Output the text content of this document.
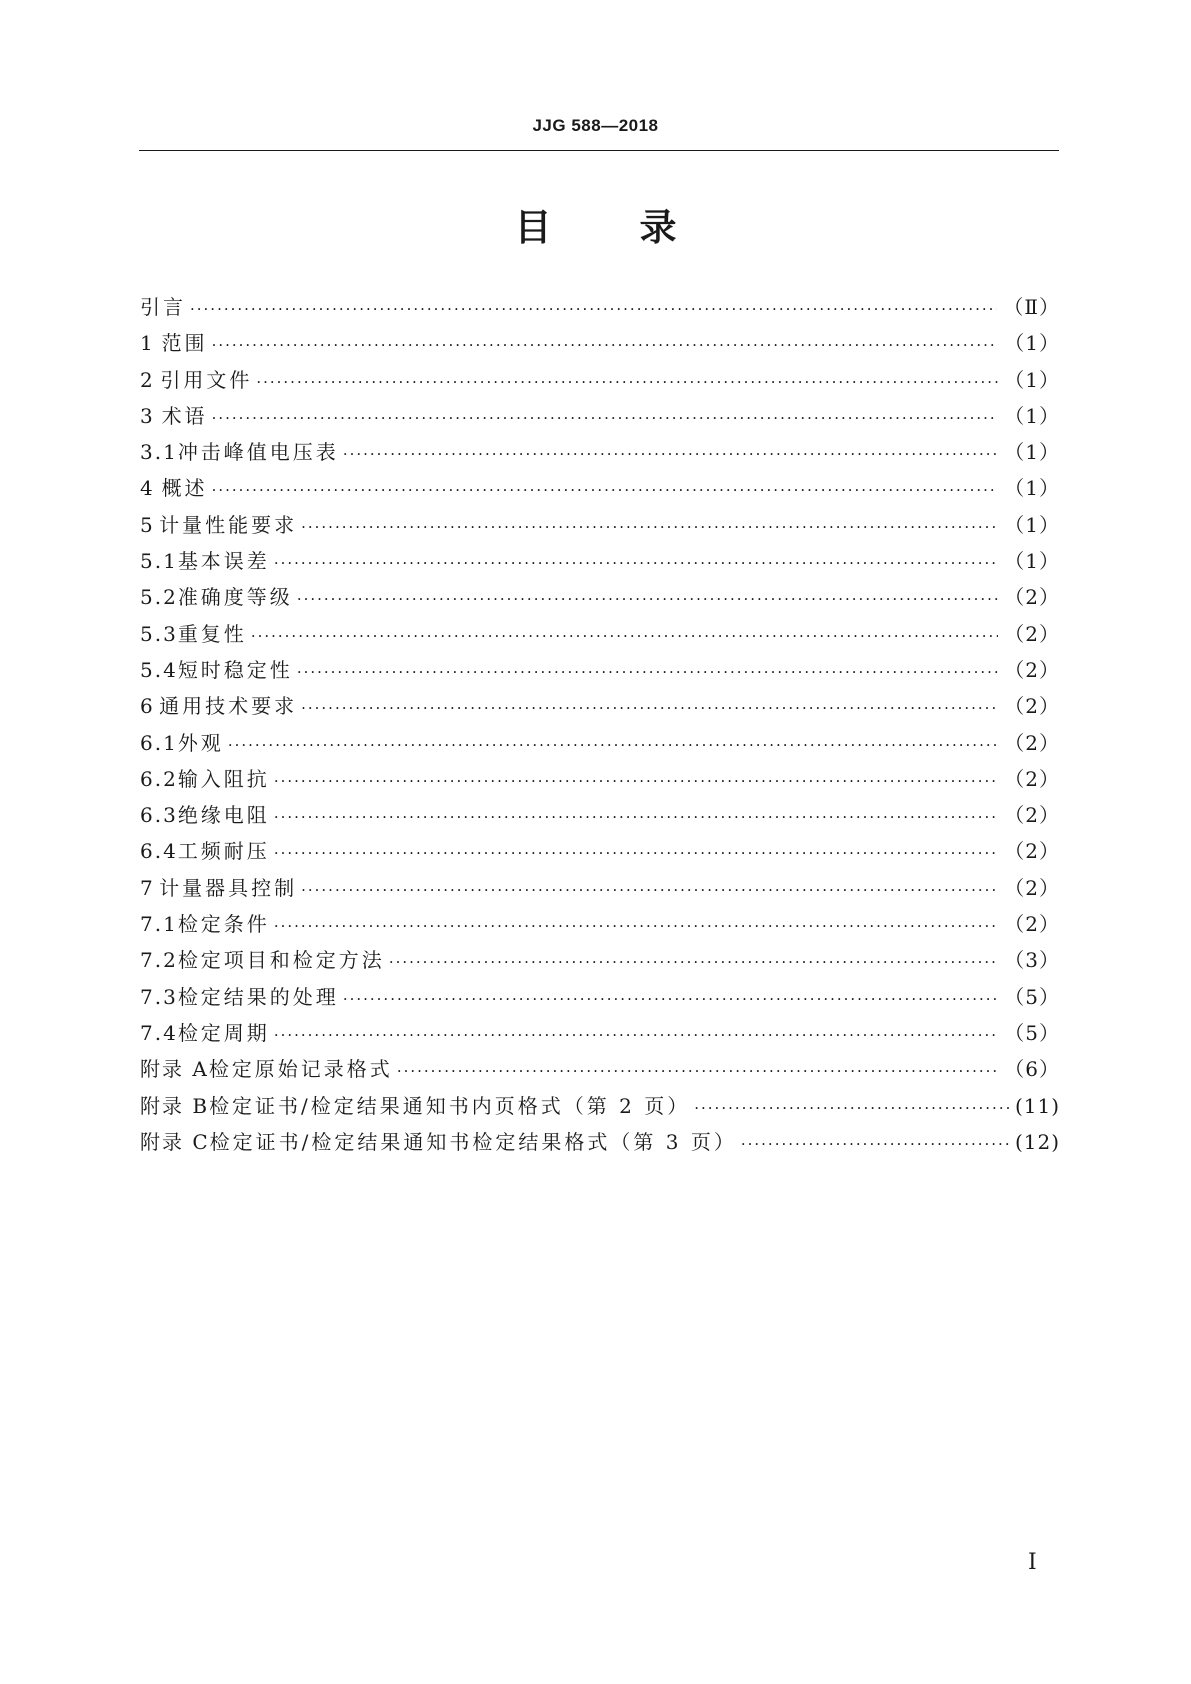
JJG 588—2018
目 录
引言 ·····	（Ⅱ）
1 范围 ·····	（1）
2 引用文件 ·····	（1）
3 术语 ·····	（1）
3.1 冲击峰值电压表 ·····	（1）
4 概述 ·····	（1）
5 计量性能要求 ·····	（1）
5.1 基本误差 ·····	（1）
5.2 准确度等级 ·····	（2）
5.3 重复性 ·····	（2）
5.4 短时稳定性 ·····	（2）
6 通用技术要求 ·····	（2）
6.1 外观 ·····	（2）
6.2 输入阻抗 ·····	（2）
6.3 绝缘电阻 ·····	（2）
6.4 工频耐压 ·····	（2）
7 计量器具控制 ·····	（2）
7.1 检定条件 ·····	（2）
7.2 检定项目和检定方法 ·····	（3）
7.3 检定结果的处理 ·····	（5）
7.4 检定周期 ·····	（5）
附录 A 检定原始记录格式 ·····	（6）
附录 B 检定证书/检定结果通知书内页格式（第 2 页） ·····	(11)
附录 C 检定证书/检定结果通知书检定结果格式（第 3 页） ·····	(12)
Ⅰ
